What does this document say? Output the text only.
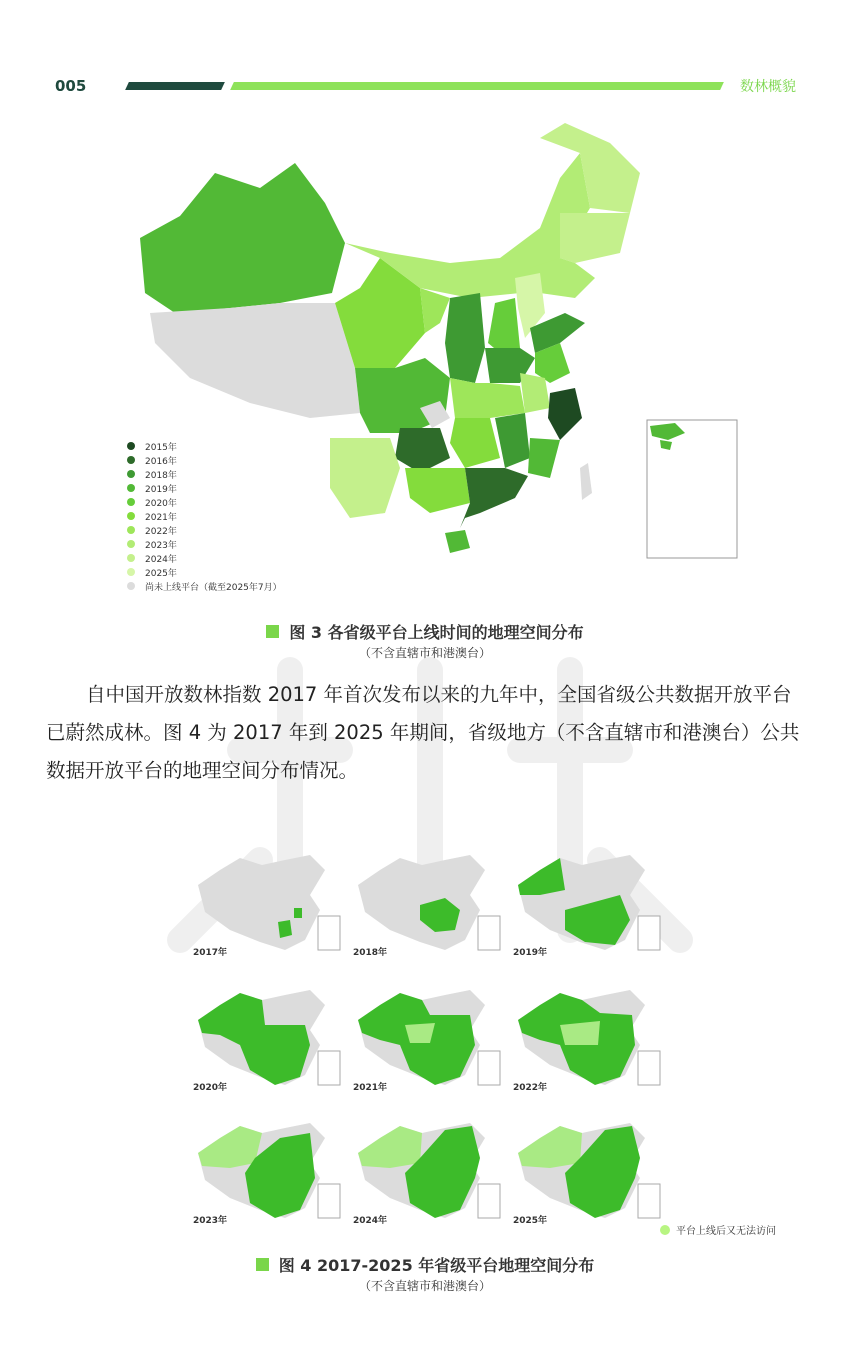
005	数林概貌
2015年
2016年
2018年
2019年
2020年
2021年
2022年
2023年
2024年
2025年
尚未上线平台（截至2025年7月）
图 3 各省级平台上线时间的地理空间分布
（不含直辖市和港澳台）
自中国开放数林指数 2017 年首次发布以来的九年中，全国省级公共数据开放平台已蔚然成林。图 4 为 2017 年到 2025 年期间，省级地方（不含直辖市和港澳台）公共数据开放平台的地理空间分布情况。
2017年	2018年	2019年
2020年	2021年	2022年
2023年	2024年	2025年
平台上线后又无法访问
图 4 2017-2025 年省级平台地理空间分布
（不含直辖市和港澳台）
